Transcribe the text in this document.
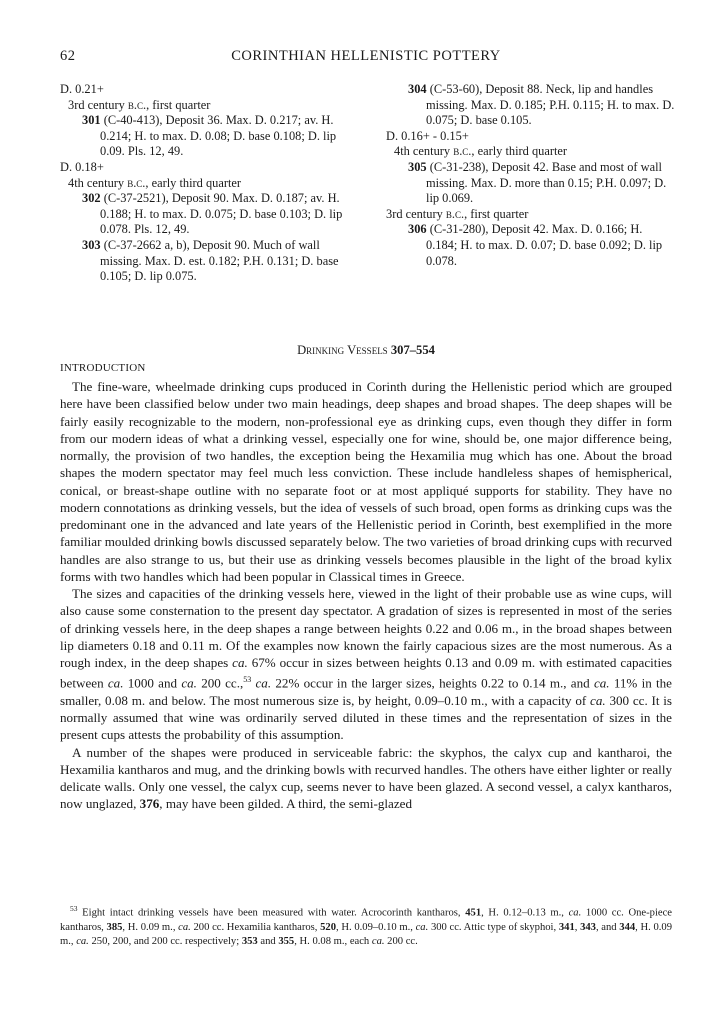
62	CORINTHIAN HELLENISTIC POTTERY

D. 0.21+

3rd century b.c., first quarter

301 (C-40-413), Deposit 36. Max. D. 0.217; av. H. 0.214; H. to max. D. 0.08; D. base 0.108; D. lip 0.09. Pls. 12, 49.

D. 0.18+

4th century b.c., early third quarter

302 (C-37-2521), Deposit 90. Max. D. 0.187; av. H. 0.188; H. to max. D. 0.075; D. base 0.103; D. lip 0.078. Pls. 12, 49.

303 (C-37-2662 a, b), Deposit 90. Much of wall missing. Max. D. est. 0.182; P.H. 0.131; D. base 0.105; D. lip 0.075.

304 (C-53-60), Deposit 88. Neck, lip and handles missing. Max. D. 0.185; P.H. 0.115; H. to max. D. 0.075; D. base 0.105.

D. 0.16+ - 0.15+

4th century b.c., early third quarter

305 (C-31-238), Deposit 42. Base and most of wall missing. Max. D. more than 0.15; P.H. 0.097; D. lip 0.069.

3rd century b.c., first quarter

306 (C-31-280), Deposit 42. Max. D. 0.166; H. 0.184; H. to max. D. 0.07; D. base 0.092; D. lip 0.078.

Drinking Vessels 307–554
INTRODUCTION

The fine-ware, wheelmade drinking cups produced in Corinth during the Hellenistic period which are grouped here have been classified below under two main headings, deep shapes and broad shapes. The deep shapes will be fairly easily recognizable to the modern, non-professional eye as drinking cups, even though they differ in form from our modern ideas of what a drinking vessel, especially one for wine, should be, one major difference being, normally, the provision of two handles, the exception being the Hexamilia mug which has one. About the broad shapes the modern spectator may feel much less conviction. These include handleless shapes of hemispherical, conical, or breast-shape outline with no separate foot or at most appliqué supports for stability. They have no modern connotations as drinking vessels, but the idea of vessels of such broad, open forms as drinking cups was the predominant one in the advanced and late years of the Hellenistic period in Corinth, best exemplified in the more familiar moulded drinking bowls discussed separately below. The two varieties of broad drinking cups with recurved handles are also strange to us, but their use as drinking vessels becomes plausible in the light of the broad kylix forms with two handles which had been popular in Classical times in Greece.

The sizes and capacities of the drinking vessels here, viewed in the light of their probable use as wine cups, will also cause some consternation to the present day spectator. A gradation of sizes is represented in most of the series of drinking vessels here, in the deep shapes a range between heights 0.22 and 0.06 m., in the broad shapes between lip diameters 0.18 and 0.11 m. Of the examples now known the fairly capacious sizes are the most numerous. As a rough index, in the deep shapes ca. 67% occur in sizes between heights 0.13 and 0.09 m. with estimated capacities between ca. 1000 and ca. 200 cc.,$^{53}$ ca. 22% occur in the larger sizes, heights 0.22 to 0.14 m., and ca. 11% in the smaller, 0.08 m. and below. The most numerous size is, by height, 0.09–0.10 m., with a capacity of ca. 300 cc. It is normally assumed that wine was ordinarily served diluted in these times and the representation of sizes in the present cups attests the probability of this assumption.

A number of the shapes were produced in serviceable fabric: the skyphos, the calyx cup and kantharoi, the Hexamilia kantharos and mug, and the drinking bowls with recurved handles. The others have either lighter or really delicate walls. Only one vessel, the calyx cup, seems never to have been glazed. A second vessel, a calyx kantharos, now unglazed, 376, may have been gilded. A third, the semi-glazed

$^{53}$ Eight intact drinking vessels have been measured with water. Acrocorinth kantharos, 451, H. 0.12–0.13 m., ca. 1000 cc. One-piece kantharos, 385, H. 0.09 m., ca. 200 cc. Hexamilia kantharos, 520, H. 0.09–0.10 m., ca. 300 cc. Attic type of skyphoi, 341, 343, and 344, H. 0.09 m., ca. 250, 200, and 200 cc. respectively; 353 and 355, H. 0.08 m., each ca. 200 cc.
